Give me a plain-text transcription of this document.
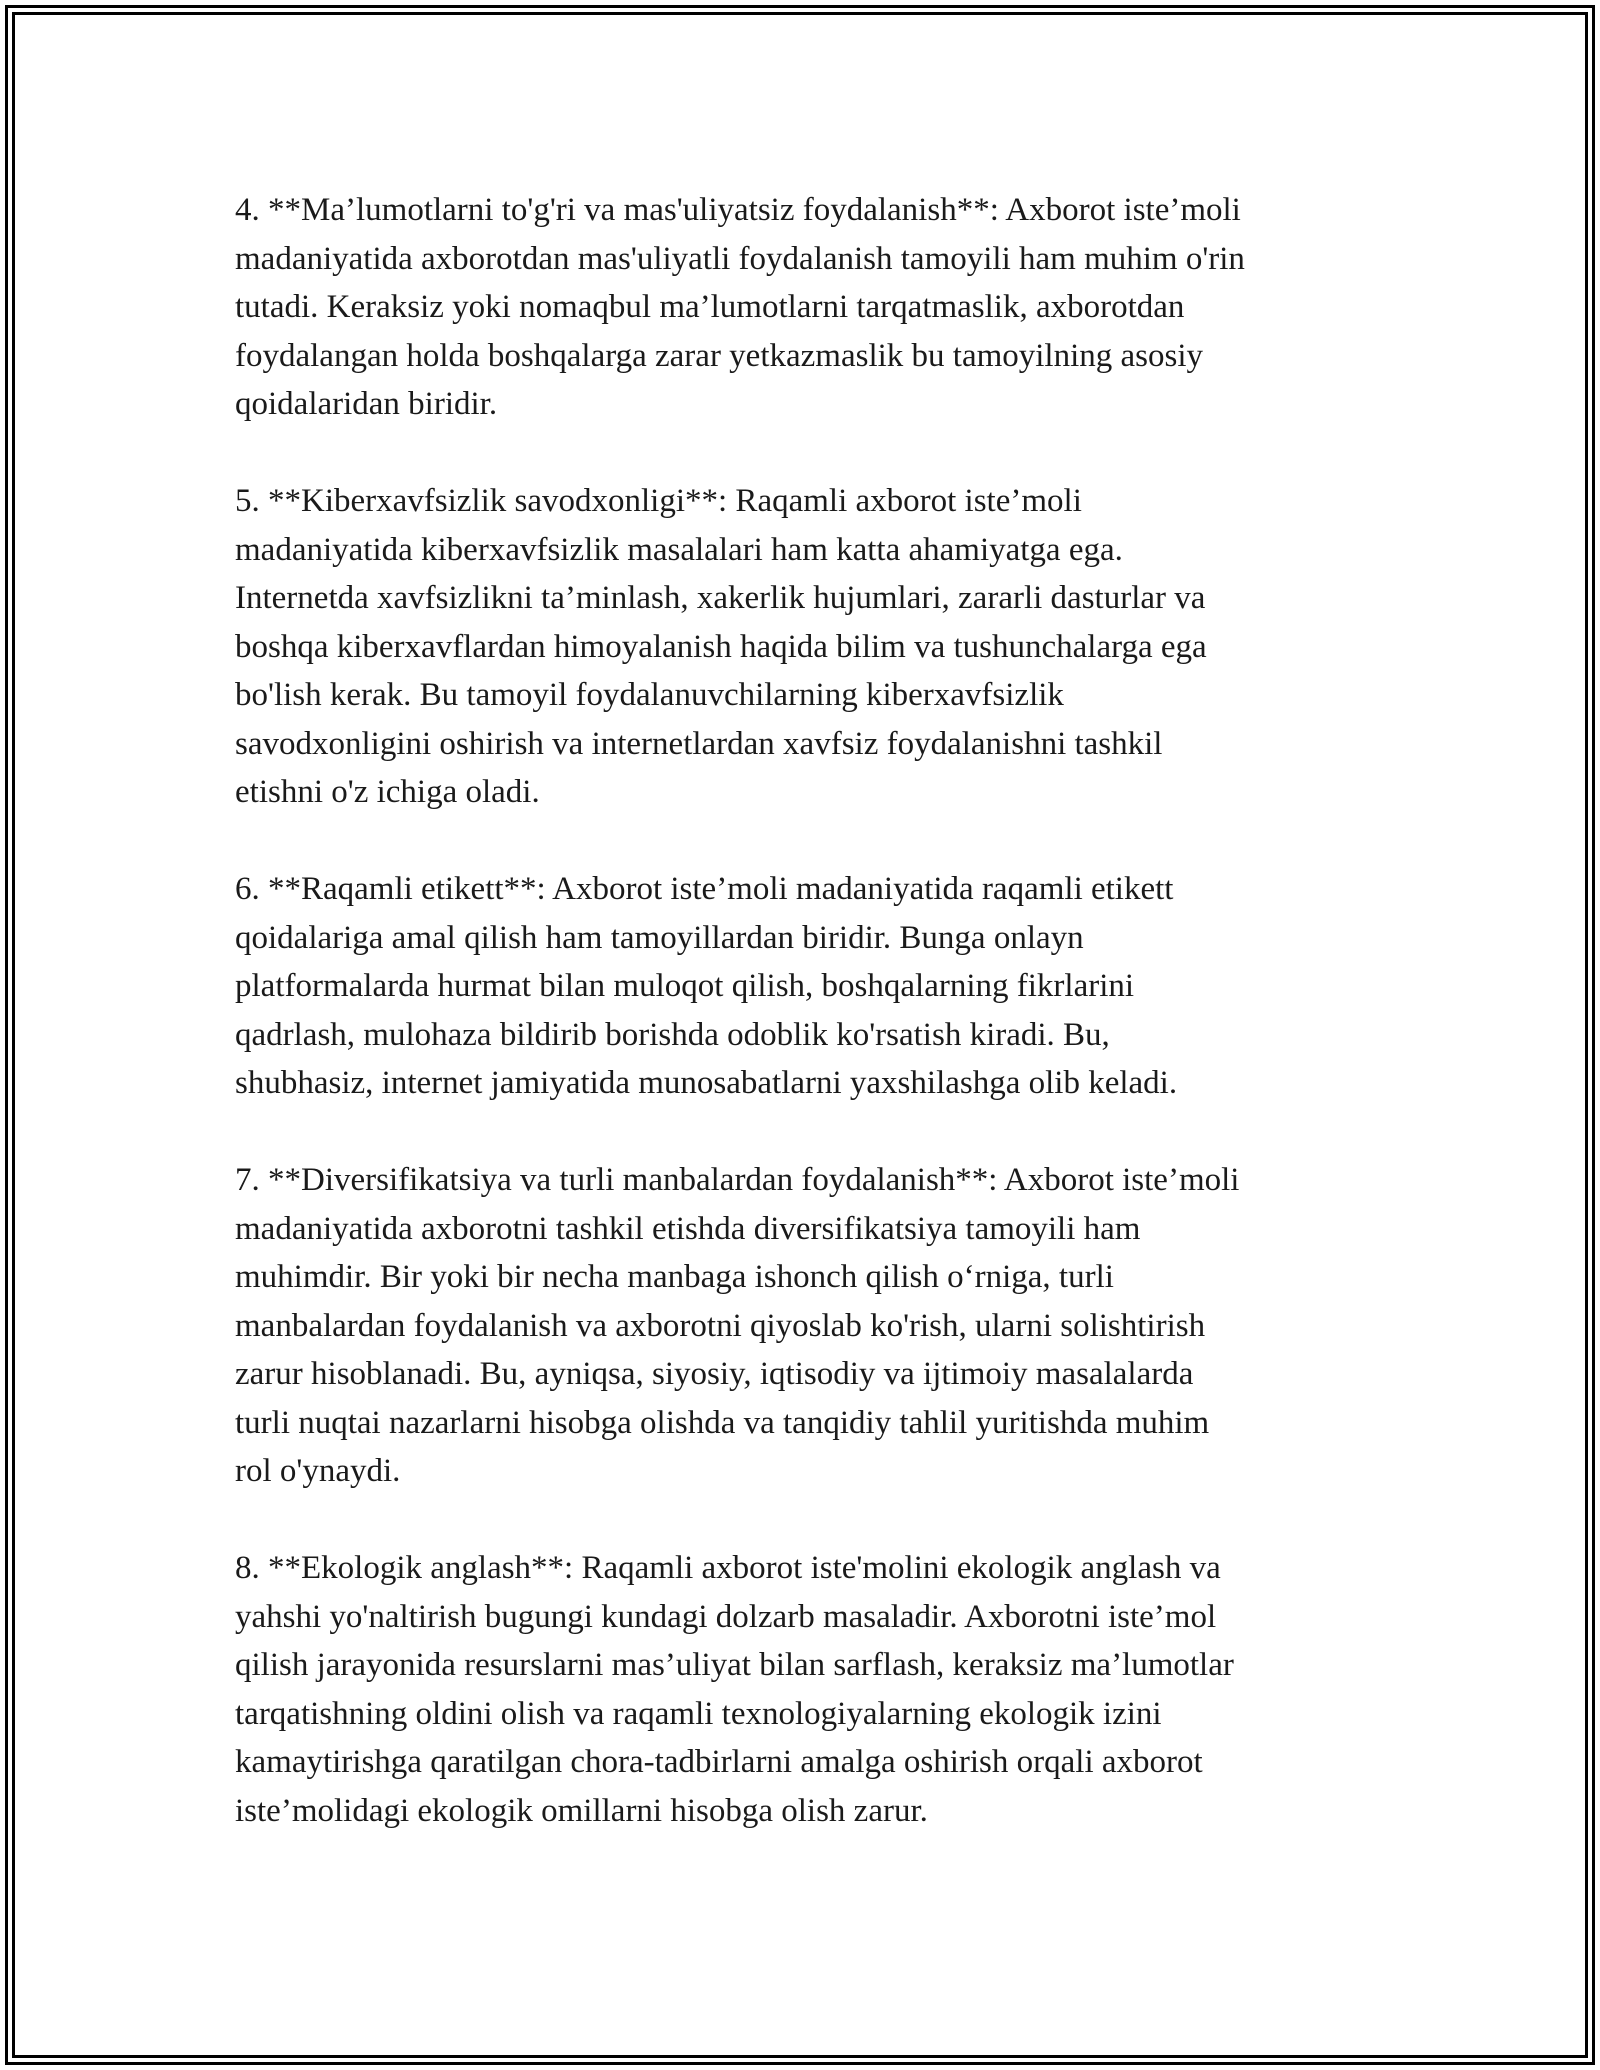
4. **Ma’lumotlarni to'g'ri va mas'uliyatsiz foydalanish**: Axborot iste’moli
madaniyatida axborotdan mas'uliyatli foydalanish tamoyili ham muhim o'rin
tutadi. Keraksiz yoki nomaqbul ma’lumotlarni tarqatmaslik, axborotdan
foydalangan holda boshqalarga zarar yetkazmaslik bu tamoyilning asosiy
qoidalaridan biridir.

5. **Kiberxavfsizlik savodxonligi**: Raqamli axborot iste’moli
madaniyatida kiberxavfsizlik masalalari ham katta ahamiyatga ega.
Internetda xavfsizlikni ta’minlash, xakerlik hujumlari, zararli dasturlar va
boshqa kiberxavflardan himoyalanish haqida bilim va tushunchalarga ega
bo'lish kerak. Bu tamoyil foydalanuvchilarning kiberxavfsizlik
savodxonligini oshirish va internetlardan xavfsiz foydalanishni tashkil
etishni o'z ichiga oladi.

6. **Raqamli etikett**: Axborot iste’moli madaniyatida raqamli etikett
qoidalariga amal qilish ham tamoyillardan biridir. Bunga onlayn
platformalarda hurmat bilan muloqot qilish, boshqalarning fikrlarini
qadrlash, mulohaza bildirib borishda odoblik ko'rsatish kiradi. Bu,
shubhasiz, internet jamiyatida munosabatlarni yaxshilashga olib keladi.

7. **Diversifikatsiya va turli manbalardan foydalanish**: Axborot iste’moli
madaniyatida axborotni tashkil etishda diversifikatsiya tamoyili ham
muhimdir. Bir yoki bir necha manbaga ishonch qilish o‘rniga, turli
manbalardan foydalanish va axborotni qiyoslab ko'rish, ularni solishtirish
zarur hisoblanadi. Bu, ayniqsa, siyosiy, iqtisodiy va ijtimoiy masalalarda
turli nuqtai nazarlarni hisobga olishda va tanqidiy tahlil yuritishda muhim
rol o'ynaydi.

8. **Ekologik anglash**: Raqamli axborot iste'molini ekologik anglash va
yahshi yo'naltirish bugungi kundagi dolzarb masaladir. Axborotni iste’mol
qilish jarayonida resurslarni mas’uliyat bilan sarflash, keraksiz ma’lumotlar
tarqatishning oldini olish va raqamli texnologiyalarning ekologik izini
kamaytirishga qaratilgan chora-tadbirlarni amalga oshirish orqali axborot
iste’molidagi ekologik omillarni hisobga olish zarur.
